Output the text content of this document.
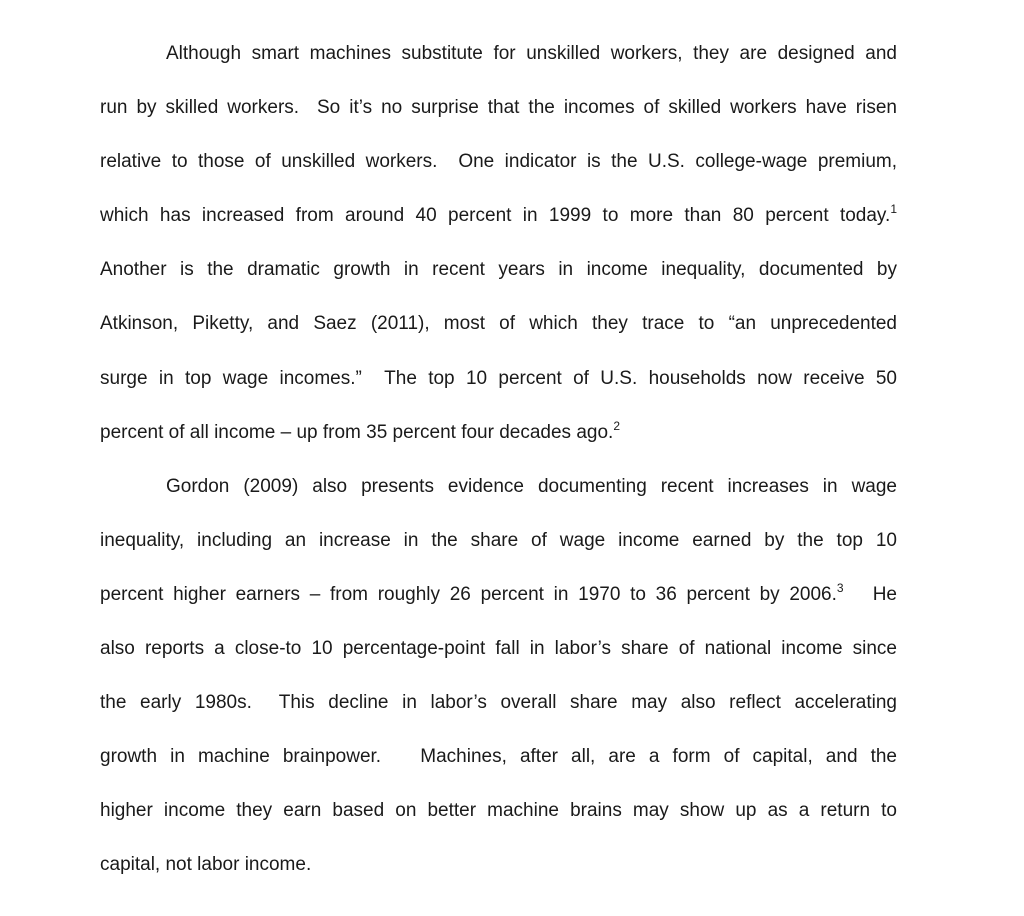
Although smart machines substitute for unskilled workers, they are designed and
run by skilled workers.  So it’s no surprise that the incomes of skilled workers have risen
relative to those of unskilled workers.  One indicator is the U.S. college-wage premium,
which has increased from around 40 percent in 1999 to more than 80 percent today.$^1$
Another is the dramatic growth in recent years in income inequality, documented by
Atkinson, Piketty, and Saez (2011), most of which they trace to “an unprecedented
surge in top wage incomes.”  The top 10 percent of U.S. households now receive 50
percent of all income – up from 35 percent four decades ago.$^2$
Gordon (2009) also presents evidence documenting recent increases in wage
inequality, including an increase in the share of wage income earned by the top 10
percent higher earners – from roughly 26 percent in 1970 to 36 percent by 2006.$^3$   He
also reports a close-to 10 percentage-point fall in labor’s share of national income since
the early 1980s.  This decline in labor’s overall share may also reflect accelerating
growth in machine brainpower.   Machines, after all, are a form of capital, and the
higher income they earn based on better machine brains may show up as a return to
capital, not labor income.
